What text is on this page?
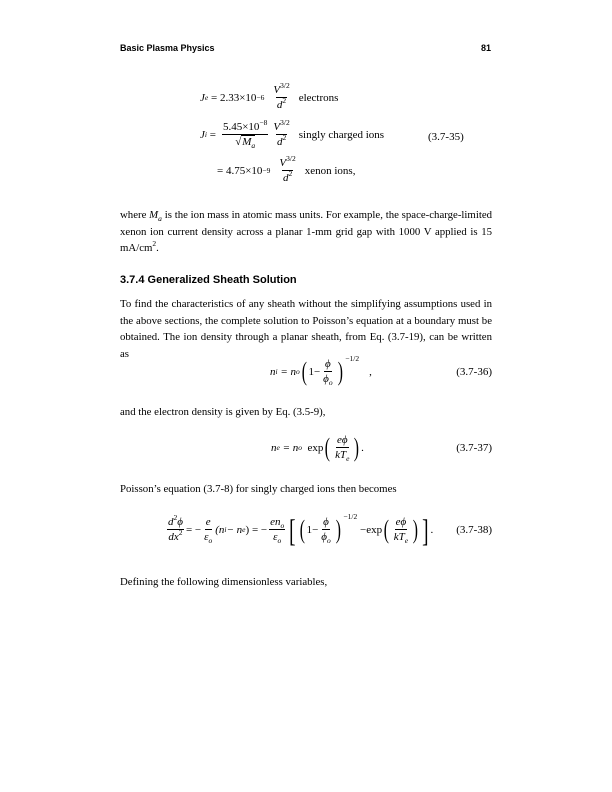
Basic Plasma Physics	81
J e
= $2.33\times 10 -6 \frac{V^{3/2}}{d^2}$ electrons
J i
= $\frac{5.45\times 10^{-8}}{√M_a} \frac{V^{3/2}}{d^2}$ singly charged ions
= $4.75\times 10 -9 \frac{V^{3/2}}{d^2}$ xenon ions,
(3.7-35)
where $M_a$ is the ion mass in atomic mass units. For example, the space-charge-limited xenon ion current density across a planar 1-mm grid gap with 1000 V applied is 15 $mA/cm^2$.
3.7.4 Generalized Sheath Solution
To find the characteristics of any sheath without the simplifying assumptions used in the above sections, the complete solution to Poisson’s equation at a boundary must be obtained. The ion density through a planar sheath, from Eq. (3.7-19), can be written as
n i
= n o ( $1- \frac{\phi}{\phi_o}$ ) −1/2
,	(3.7-36)
and the electron density is given by Eq. (3.5-9),
n e
= n o
exp ( $\frac{e\phi}{kT_e}$ ) .	(3.7-37)
Poisson’s equation (3.7-8) for singly charged ions then becomes
$\frac{d^2\phi}{dx^2}$ = − $\frac{e}{\varepsilon_o} (n$ i − n e )
= − $\frac{en_o}{\varepsilon_o}$ [ ( $1- \frac{\phi}{\phi_o}$ ) −1/2

−exp ( $\frac{e\phi}{kT_e}$ ) ] .	(3.7-38)
Defining the following dimensionless variables,
